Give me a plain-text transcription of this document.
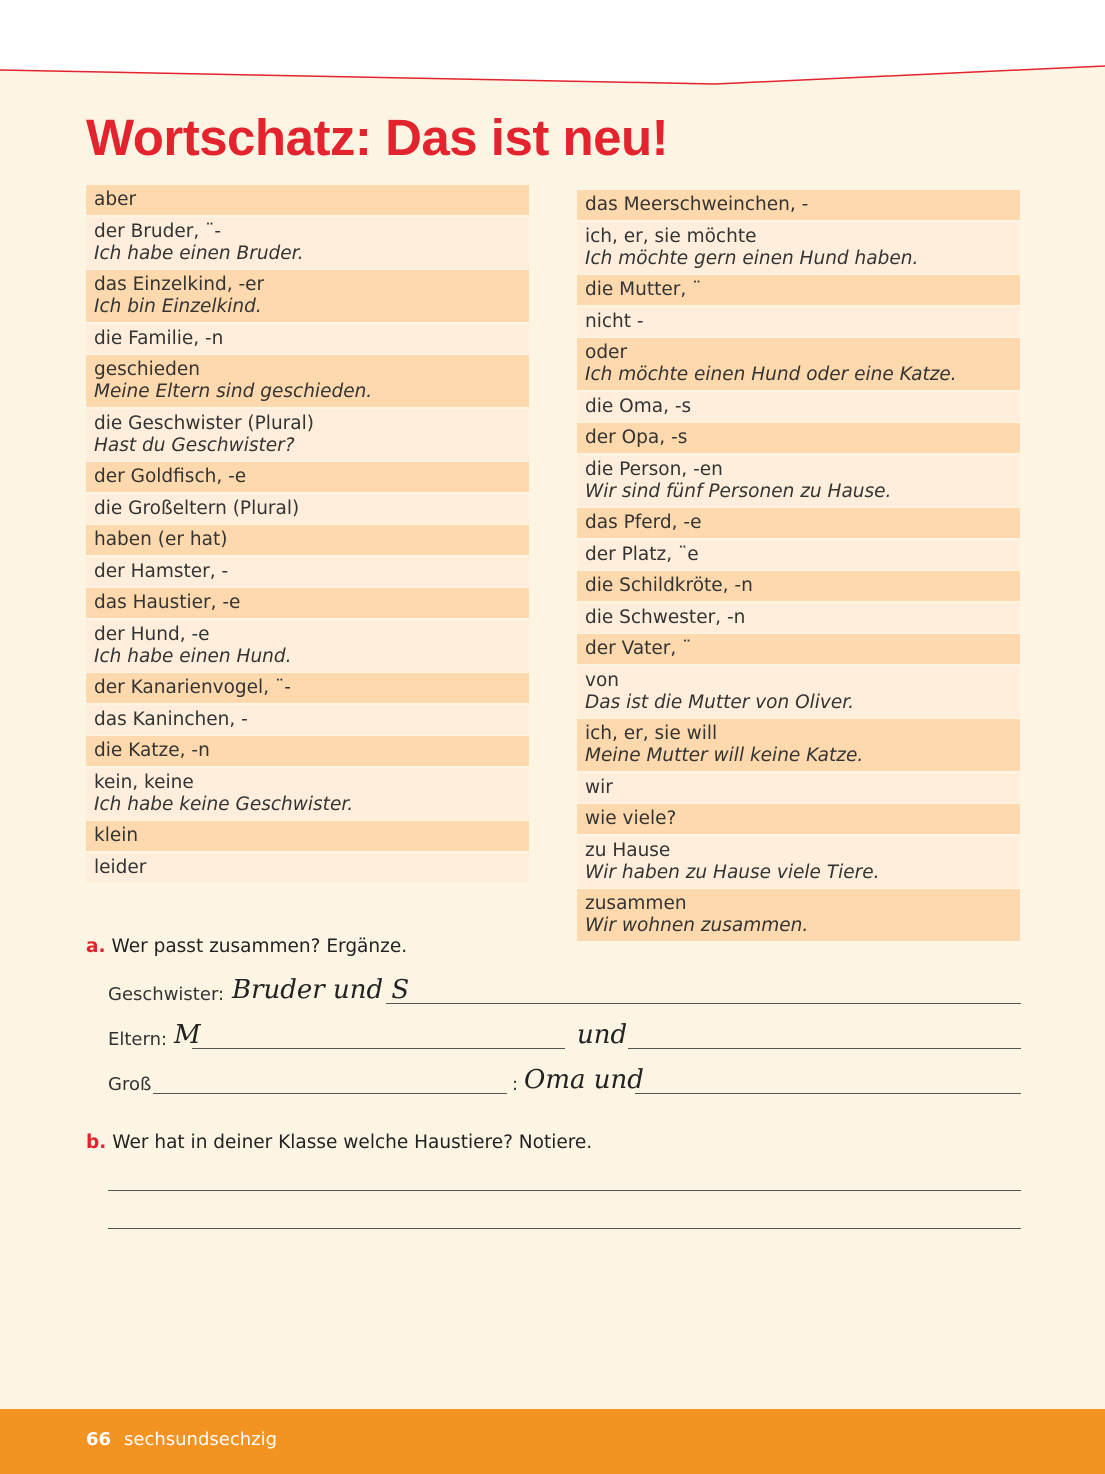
Wortschatz: Das ist neu!
aber
der Bruder, ¨-
Ich habe einen Bruder.
das Einzelkind, -er
Ich bin Einzelkind.
die Familie, -n
geschieden
Meine Eltern sind geschieden.
die Geschwister (Plural)
Hast du Geschwister?
der Goldfisch, -e
die Großeltern (Plural)
haben (er hat)
der Hamster, -
das Haustier, -e
der Hund, -e
Ich habe einen Hund.
der Kanarienvogel, ¨-
das Kaninchen, -
die Katze, -n
kein, keine
Ich habe keine Geschwister.
klein
leider
das Meerschweinchen, -
ich, er, sie möchte
Ich möchte gern einen Hund haben.
die Mutter, ¨
nicht -
oder
Ich möchte einen Hund oder eine Katze.
die Oma, -s
der Opa, -s
die Person, -en
Wir sind fünf Personen zu Hause.
das Pferd, -e
der Platz, ¨e
die Schildkröte, -n
die Schwester, -n
der Vater, ¨
von
Das ist die Mutter von Oliver.
ich, er, sie will
Meine Mutter will keine Katze.
wir
wie viele?
zu Hause
Wir haben zu Hause viele Tiere.
zusammen
Wir wohnen zusammen.
a. Wer passt zusammen? Ergänze.
Geschwister: Bruder und S
Eltern: M	und
Groß	: Oma und
b. Wer hat in deiner Klasse welche Haustiere? Notiere.
66 sechsundsechzig
